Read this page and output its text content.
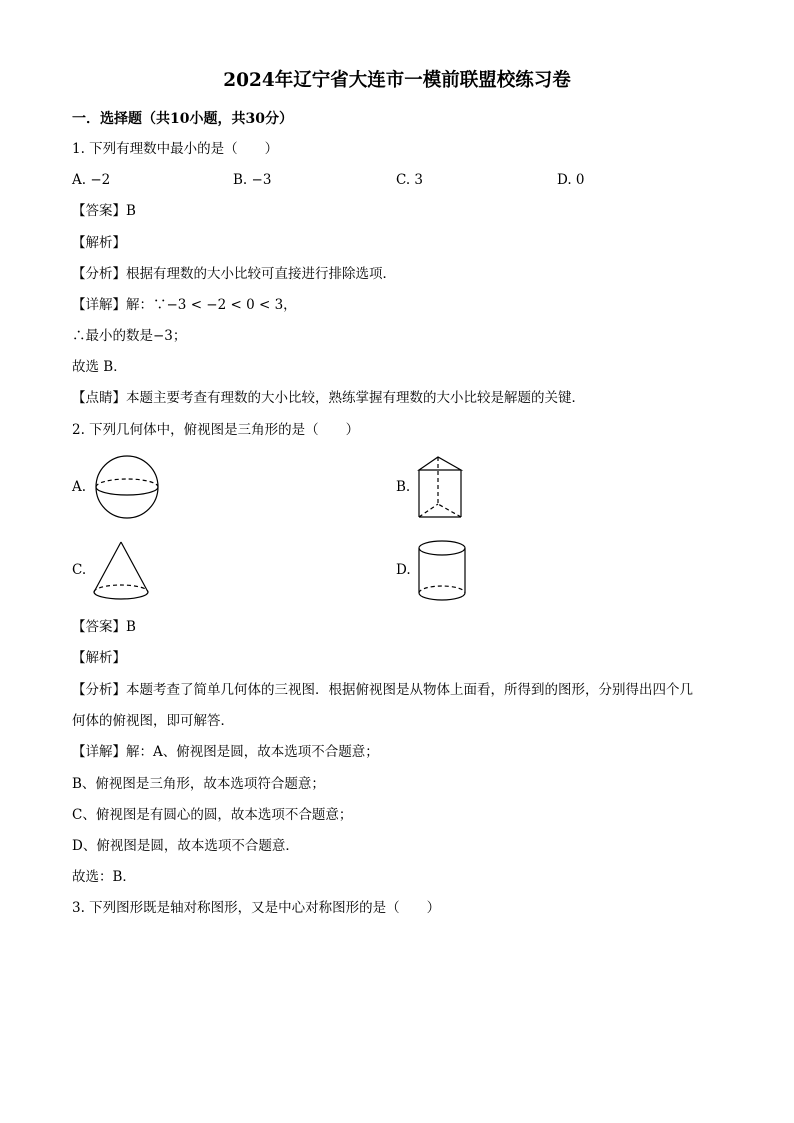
2024年辽宁省大连市一模前联盟校练习卷
一．选择题（共10小题，共30分）
1. 下列有理数中最小的是（　　）
A. −2	B. −3	C. 3	D. 0
【答案】B
【解析】
【分析】根据有理数的大小比较可直接进行排除选项．
【详解】解：∵−3 < −2 < 0 < 3，
∴最小的数是−3；
故选 B．
【点睛】本题主要考查有理数的大小比较，熟练掌握有理数的大小比较是解题的关键．
2. 下列几何体中，俯视图是三角形的是（　　）
A.	B.
C.	D.
【答案】B
【解析】
【分析】本题考查了简单几何体的三视图．根据俯视图是从物体上面看，所得到的图形，分别得出四个几
何体的俯视图，即可解答．
【详解】解：A、俯视图是圆，故本选项不合题意；
B、俯视图是三角形，故本选项符合题意；
C、俯视图是有圆心的圆，故本选项不合题意；
D、俯视图是圆，故本选项不合题意．
故选：B．
3. 下列图形既是轴对称图形，又是中心对称图形的是（　　）
